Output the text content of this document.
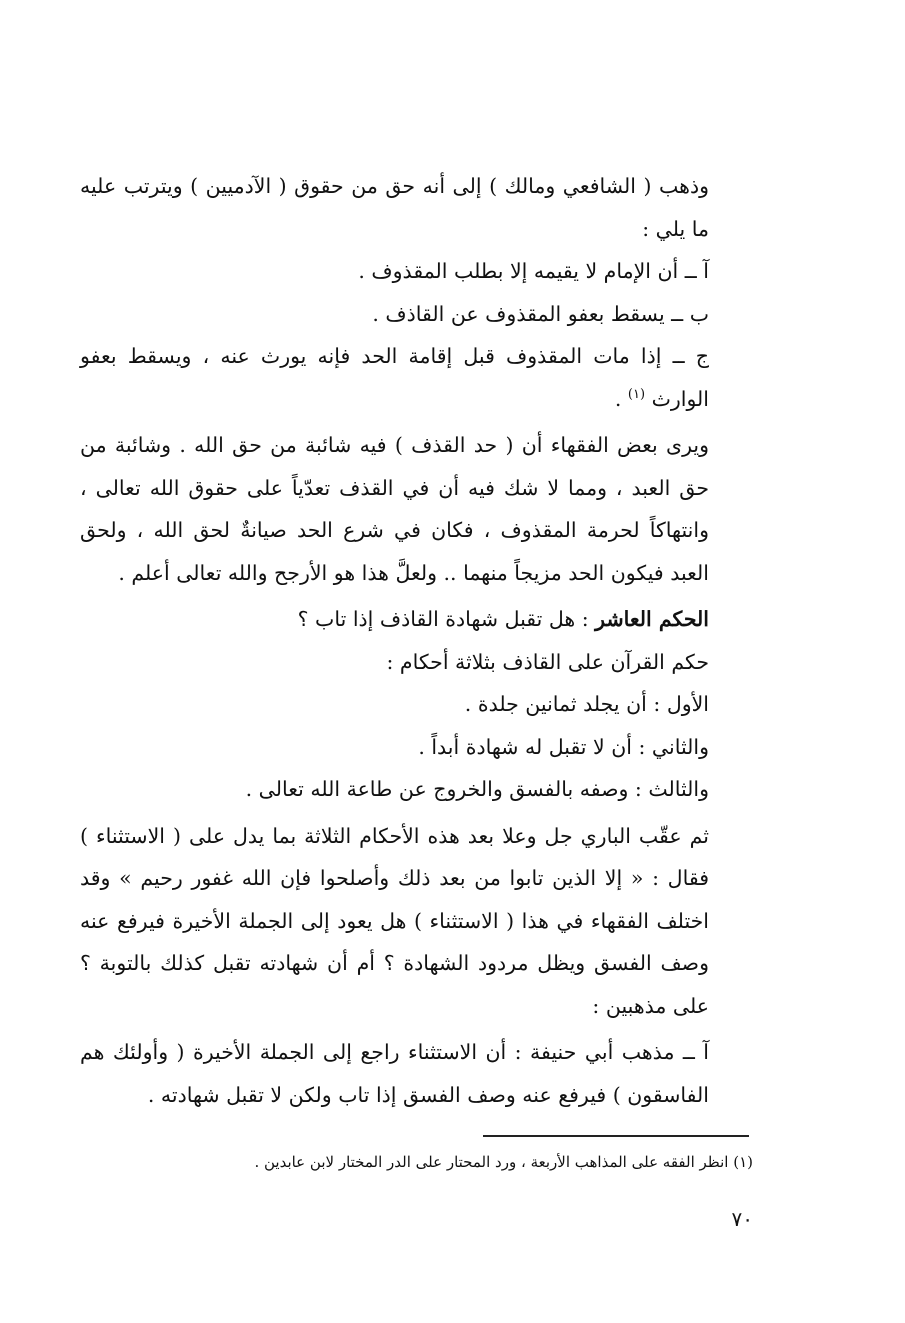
وذهب ( الشافعي ومالك ) إلى أنه حق من حقوق ( الآدميين ) ويترتب عليه ما يلي :

آ ــ أن الإمام لا يقيمه إلا بطلب المقذوف .
ب ــ يسقط بعفو المقذوف عن القاذف .
ج ــ إذا مات المقذوف قبل إقامة الحد فإنه يورث عنه ، ويسقط بعفو الوارث $^{(١)}$ .

ويرى بعض الفقهاء أن ( حد القذف ) فيه شائبة من حق الله . وشائبة من حق العبد ، ومما لا شك فيه أن في القذف تعدّياً على حقوق الله تعالى ، وانتهاكاً لحرمة المقذوف ، فكان في شرع الحد صيانةٌ لحق الله ، ولحق العبد فيكون الحد مزيجاً منهما .. ولعلَّ هذا هو الأرجح والله تعالى أعلم .

الحكم العاشر : هل تقبل شهادة القاذف إذا تاب ؟
حكم القرآن على القاذف بثلاثة أحكام :
الأول : أن يجلد ثمانين جلدة .
والثاني : أن لا تقبل له شهادة أبداً .
والثالث : وصفه بالفسق والخروج عن طاعة الله تعالى .

ثم عقّب الباري جل وعلا بعد هذه الأحكام الثلاثة بما يدل على ( الاستثناء ) فقال : « إلا الذين تابوا من بعد ذلك وأصلحوا فإن الله غفور رحيم » وقد اختلف الفقهاء في هذا ( الاستثناء ) هل يعود إلى الجملة الأخيرة فيرفع عنه وصف الفسق ويظل مردود الشهادة ؟ أم أن شهادته تقبل كذلك بالتوبة ؟ على مذهبين :

آ ــ مذهب أبي حنيفة : أن الاستثناء راجع إلى الجملة الأخيرة ( وأولئك هم الفاسقون ) فيرفع عنه وصف الفسق إذا تاب ولكن لا تقبل شهادته .

(١) انظر الفقه على المذاهب الأربعة ، ورد المحتار على الدر المختار لابن عابدين .
٧٠
